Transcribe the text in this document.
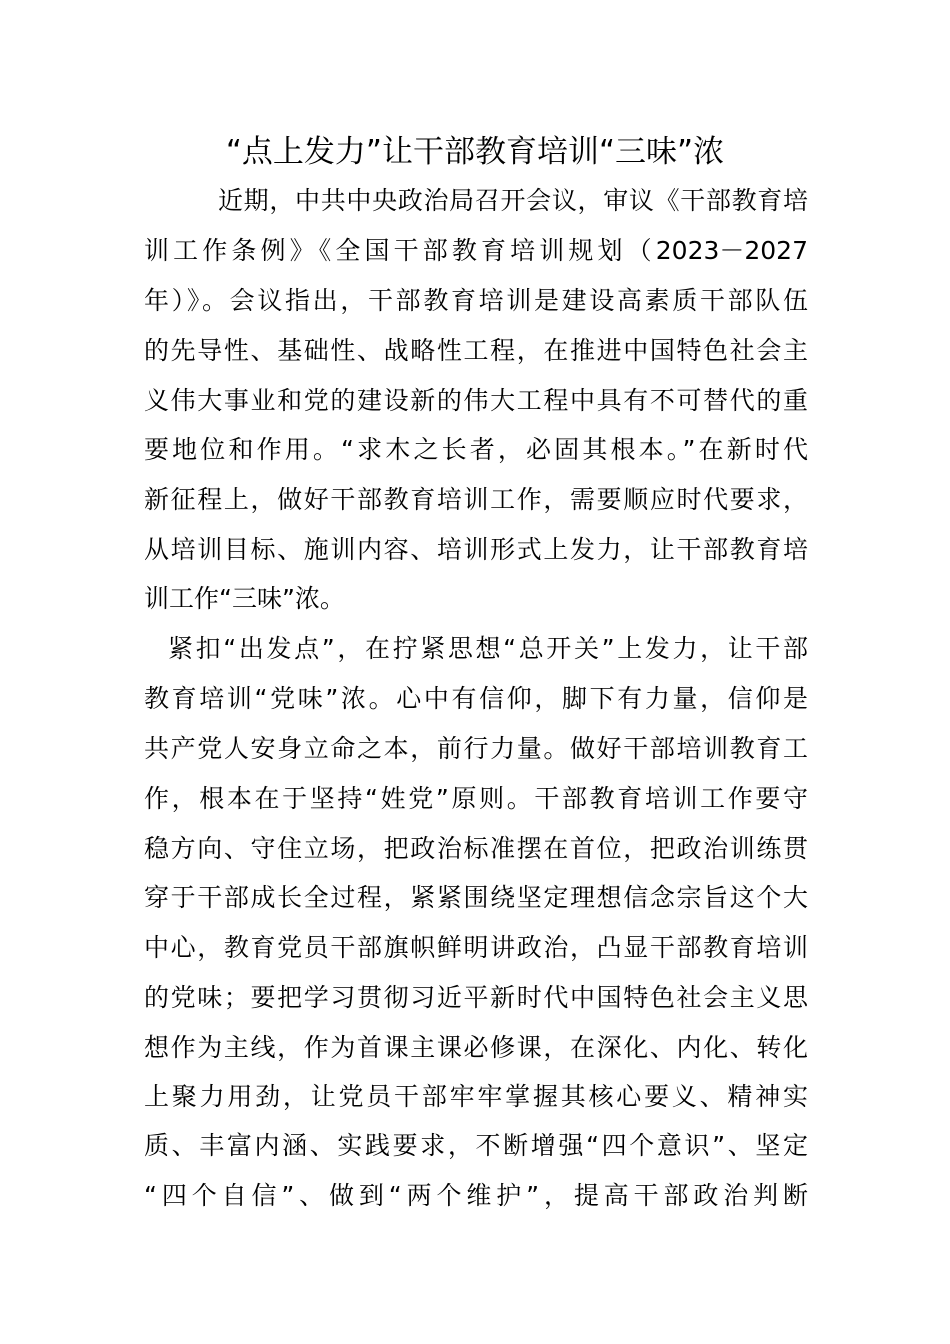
“点上发力”让干部教育培训“三味”浓
近期，中共中央政治局召开会议，审议《干部教育培
训工作条例》《全国干部教育培训规划（2023－2027
年）》。会议指出，干部教育培训是建设高素质干部队伍
的先导性、基础性、战略性工程，在推进中国特色社会主
义伟大事业和党的建设新的伟大工程中具有不可替代的重
要地位和作用。“求木之长者，必固其根本。”在新时代
新征程上，做好干部教育培训工作，需要顺应时代要求，
从培训目标、施训内容、培训形式上发力，让干部教育培
训工作“三味”浓。
紧扣“出发点”，在拧紧思想“总开关”上发力，让干部
教育培训“党味”浓。心中有信仰，脚下有力量，信仰是
共产党人安身立命之本，前行力量。做好干部培训教育工
作，根本在于坚持“姓党”原则。干部教育培训工作要守
稳方向、守住立场，把政治标准摆在首位，把政治训练贯
穿于干部成长全过程，紧紧围绕坚定理想信念宗旨这个大
中心，教育党员干部旗帜鲜明讲政治，凸显干部教育培训
的党味；要把学习贯彻习近平新时代中国特色社会主义思
想作为主线，作为首课主课必修课，在深化、内化、转化
上聚力用劲，让党员干部牢牢掌握其核心要义、精神实
质、丰富内涵、实践要求，不断增强“四个意识”、坚定
“四个自信”、做到“两个维护”，提高干部政治判断
